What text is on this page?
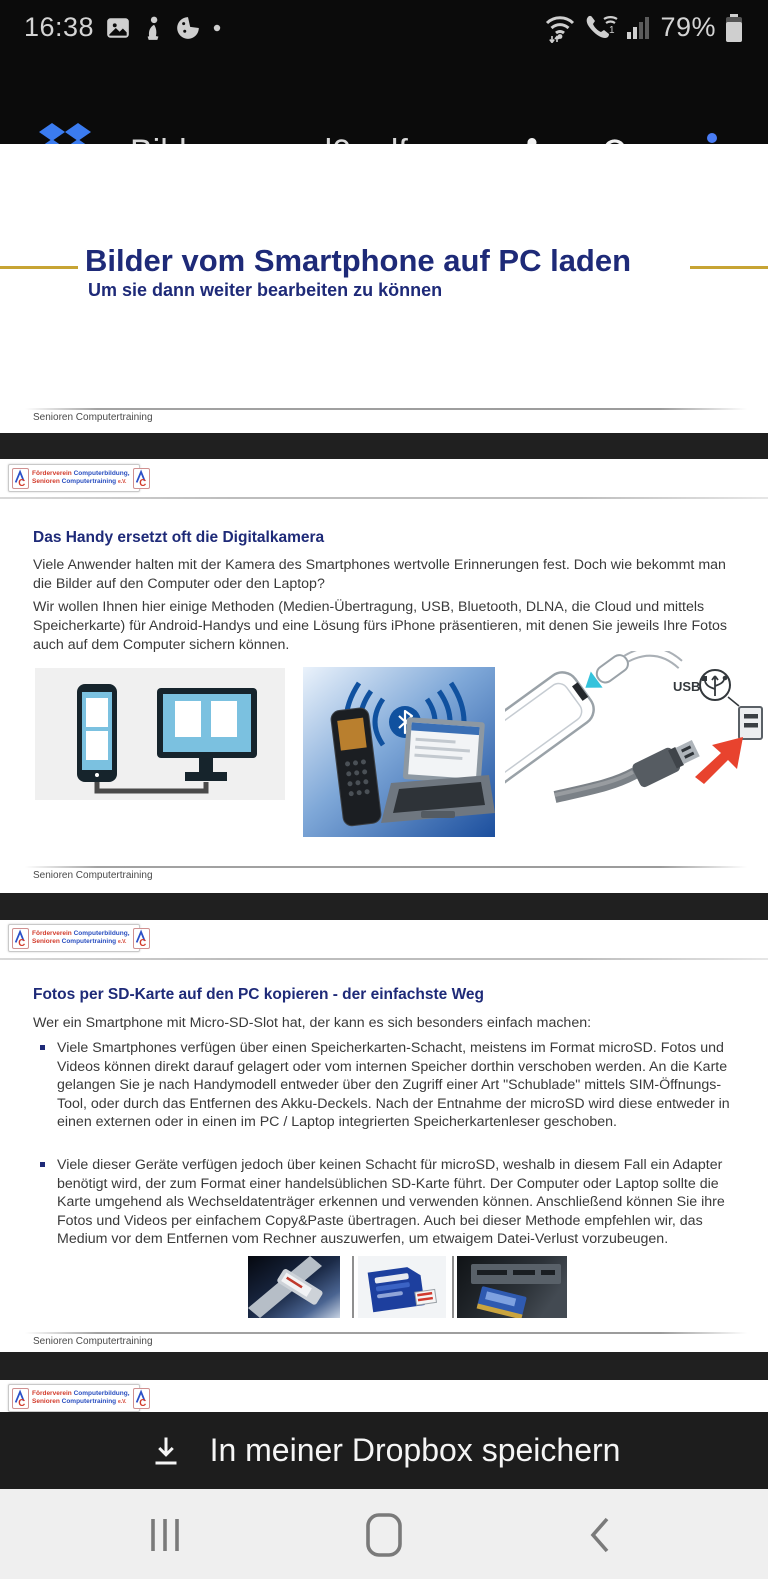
16:38	1 79%
Bilder vom Smartphone auf PC laden
Um sie dann weiter bearbeiten zu können
Senioren Computertraining
C
Förderverein Computerbildung,
Senioren Computertraining e.V. C
Das Handy ersetzt oft die Digitalkamera
Viele Anwender halten mit der Kamera des Smartphones wertvolle Erinnerungen fest. Doch wie bekommt man die Bilder auf den Computer oder den Laptop?
Wir wollen Ihnen hier einige Methoden (Medien-Übertragung, USB, Bluetooth, DLNA, die Cloud und mittels Speicherkarte) für Android-Handys und eine Lösung fürs iPhone präsentieren, mit denen Sie jeweils Ihre Fotos auch auf dem Computer sichern können.
USB
Senioren Computertraining
C
Förderverein Computerbildung,
Senioren Computertraining e.V. C
Fotos per SD-Karte auf den PC kopieren - der einfachste Weg
Wer ein Smartphone mit Micro-SD-Slot hat, der kann es sich besonders einfach machen:
Viele Smartphones verfügen über einen Speicherkarten-Schacht, meistens im Format microSD. Fotos und Videos können direkt darauf gelagert oder vom internen Speicher dorthin verschoben werden. An die Karte gelangen Sie je nach Handymodell entweder über den Zugriff einer Art "Schublade" mittels SIM-Öffnungs-Tool, oder durch das Entfernen des Akku-Deckels. Nach der Entnahme der microSD wird diese entweder in einen externen oder in einen im PC / Laptop integrierten Speicherkartenleser geschoben.
Viele dieser Geräte verfügen jedoch über keinen Schacht für microSD, weshalb in diesem Fall ein Adapter benötigt wird, der zum Format einer handelsüblichen SD-Karte führt. Der Computer oder Laptop sollte die Karte umgehend als Wechseldatenträger erkennen und verwenden können. Anschließend können Sie ihre Fotos und Videos per einfachem Copy&Paste übertragen. Auch bei dieser Methode empfehlen wir, das Medium vor dem Entfernen vom Rechner auszuwerfen, um etwaigem Datei-Verlust vorzubeugen.
Senioren Computertraining
C
Förderverein Computerbildung,
Senioren Computertraining e.V. C
In meiner Dropbox speichern
